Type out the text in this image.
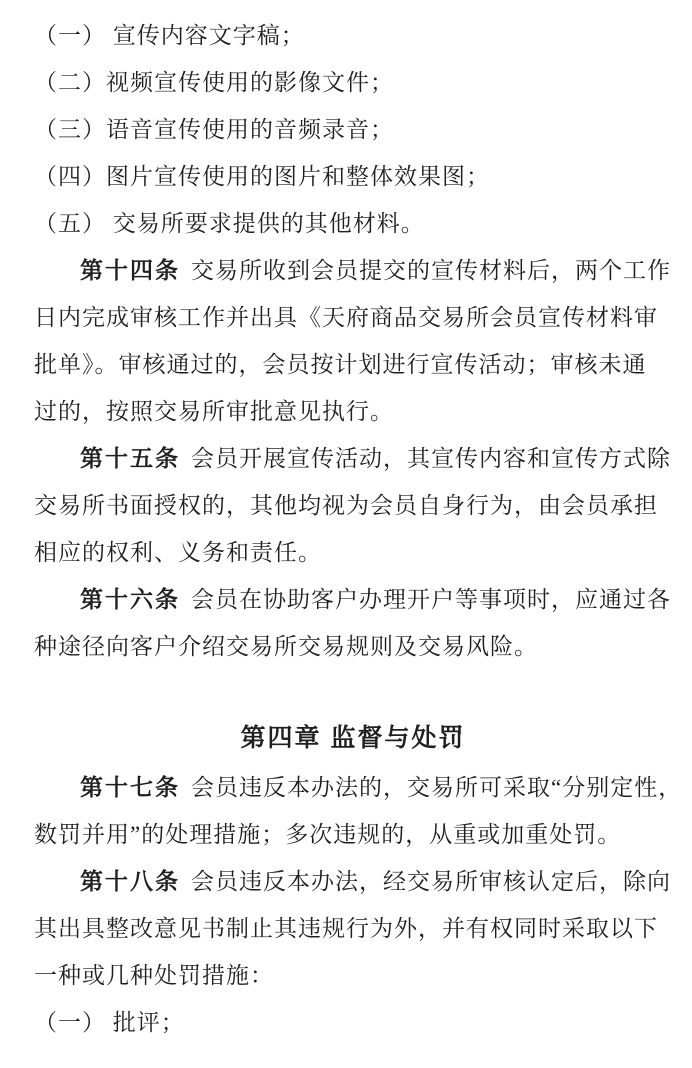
（一） 宣传内容文字稿；
（二）视频宣传使用的影像文件；
（三）语音宣传使用的音频录音；
（四）图片宣传使用的图片和整体效果图；
（五） 交易所要求提供的其他材料。
第十四条 交易所收到会员提交的宣传材料后，两个工作
日内完成审核工作并出具《天府商品交易所会员宣传材料审
批单》。审核通过的，会员按计划进行宣传活动；审核未通
过的，按照交易所审批意见执行。
第十五条 会员开展宣传活动，其宣传内容和宣传方式除
交易所书面授权的，其他均视为会员自身行为，由会员承担
相应的权利、义务和责任。
第十六条 会员在协助客户办理开户等事项时，应通过各
种途径向客户介绍交易所交易规则及交易风险。
第四章 监督与处罚
第十七条 会员违反本办法的，交易所可采取“分别定性，
数罚并用”的处理措施；多次违规的，从重或加重处罚。
第十八条 会员违反本办法，经交易所审核认定后，除向
其出具整改意见书制止其违规行为外，并有权同时采取以下
一种或几种处罚措施：
（一） 批评；
